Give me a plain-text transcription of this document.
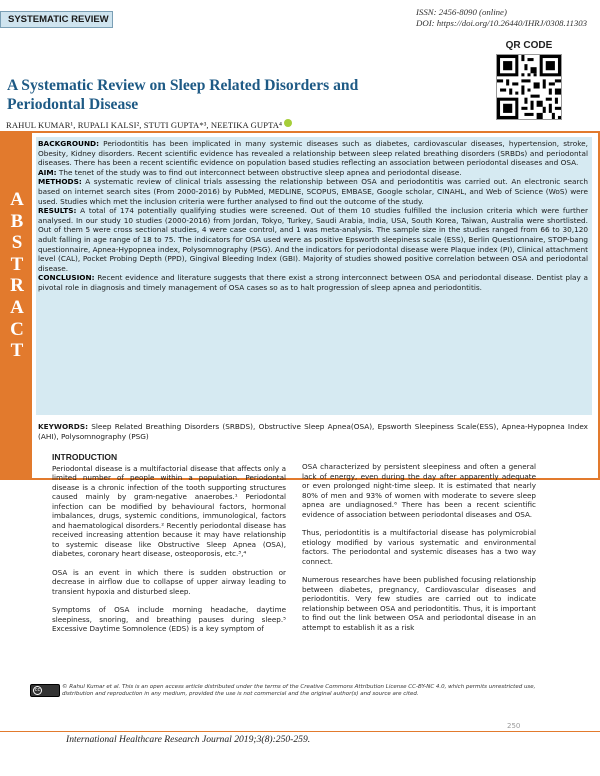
SYSTEMATIC REVIEW
ISSN: 2456-8090 (online)
DOI: https://doi.org/10.26440/IHRJ/0308.11303
QR CODE
A Systematic Review on Sleep Related Disorders and Periodontal Disease
RAHUL KUMAR¹, RUPALI KALSI², STUTI GUPTA*³, NEETIKA GUPTA⁴
A
B
S
T
R
A
C
T

BACKGROUND: Periodontitis has been implicated in many systemic diseases such as diabetes, cardiovascular diseases, hypertension, stroke, Obesity, Kidney disorders. Recent scientific evidence has revealed a relationship between sleep related breathing disorders (SRBDs) and periodontal diseases. There has been a recent scientific evidence on population based studies reflecting an association between periodontal diseases and OSA.

AIM: The tenet of the study was to find out interconnect between obstructive sleep apnea and periodontal disease.

METHODS: A systematic review of clinical trials assessing the relationship between OSA and periodontitis was carried out. An electronic search based on internet search sites (From 2000-2016) by PubMed, MEDLINE, SCOPUS, EMBASE, Google scholar, CINAHL, and Web of Science (WoS) were used. Studies which met the inclusion criteria were further analysed to find out the outcome of the study.

RESULTS: A total of 174 potentially qualifying studies were screened. Out of them 10 studies fulfilled the inclusion criteria which were further analysed. In our study 10 studies (2000-2016) from Jordan, Tokyo, Turkey, Saudi Arabia, India, USA, South Korea, Taiwan, Australia were shortlisted. Out of them 5 were cross sectional studies, 4 were case control, and 1 was meta-analysis. The sample size in the studies ranged from 66 to 30,120 adult falling in age range of 18 to 75. The indicators for OSA used were as positive Epsworth sleepiness scale (ESS), Berlin Questionnaire, STOP-bang questionnaire, Apnea-Hypopnea index, Polysomnography (PSG). And the indicators for periodontal disease were Plaque index (PI), Clinical attachment level (CAL), Pocket Probing Depth (PPD), Gingival Bleeding Index (GBI). Majority of studies showed positive correlation between OSA and periodontal disease.

CONCLUSION: Recent evidence and literature suggests that there exist a strong interconnect between OSA and periodontal disease. Dentist play a pivotal role in diagnosis and timely management of OSA cases so as to halt progression of sleep apnea and periodontitis.

KEYWORDS: Sleep Related Breathing Disorders (SRBDS), Obstructive Sleep Apnea(OSA), Epsworth Sleepiness Scale(ESS), Apnea-Hypopnea Index (AHI), Polysomnography (PSG)
INTRODUCTION

Periodontal disease is a multifactorial disease that affects only a limited number of people within a population. Periodontal disease is a chronic infection of the tooth supporting structures caused mainly by gram-negative anaerobes.¹ Periodontal infection can be modified by behavioural factors, hormonal imbalances, drugs, systemic conditions, immunological, factors and haematological disorders.² Recently periodontal disease has received increasing attention because it may have relationship to systemic disease like Obstructive Sleep Apnea (OSA), diabetes, coronary heart disease, osteoporosis, etc.³,⁴

OSA is an event in which there is sudden obstruction or decrease in airflow due to collapse of upper airway leading to transient hypoxia and disturbed sleep.

Symptoms of OSA include morning headache, daytime sleepiness, snoring, and breathing pauses during sleep.⁵ Excessive Daytime Somnolence (EDS) is a key symptom of

OSA characterized by persistent sleepiness and often a general lack of energy, even during the day after apparently adequate or even prolonged night-time sleep. It is estimated that nearly 80% of men and 93% of women with moderate to severe sleep apnea are undiagnosed.⁶ There has been a recent scientific evidence of association between periodontal diseases and OSA.

Thus, periodontitis is a multifactorial disease has polymicrobial etiology modified by various systematic and environmental factors. The periodontal and systemic diseases has a two way connect.

Numerous researches have been published focusing relationship between diabetes, pregnancy, Cardiovascular diseases and periodontitis. Very few studies are carried out to indicate relationship between OSA and periodontitis. Thus, it is important to find out the link between OSA and periodontal disease in an attempt to establish it as a risk

cc	© Rahul Kumar et al. This is an open access article distributed under the terms of the Creative Commons Attribution License CC-BY-NC 4.0, which permits unrestricted use, distribution and reproduction in any medium, provided the use is not commercial and the original author(s) and source are cited.
250
International Healthcare Research Journal 2019;3(8):250-259.
